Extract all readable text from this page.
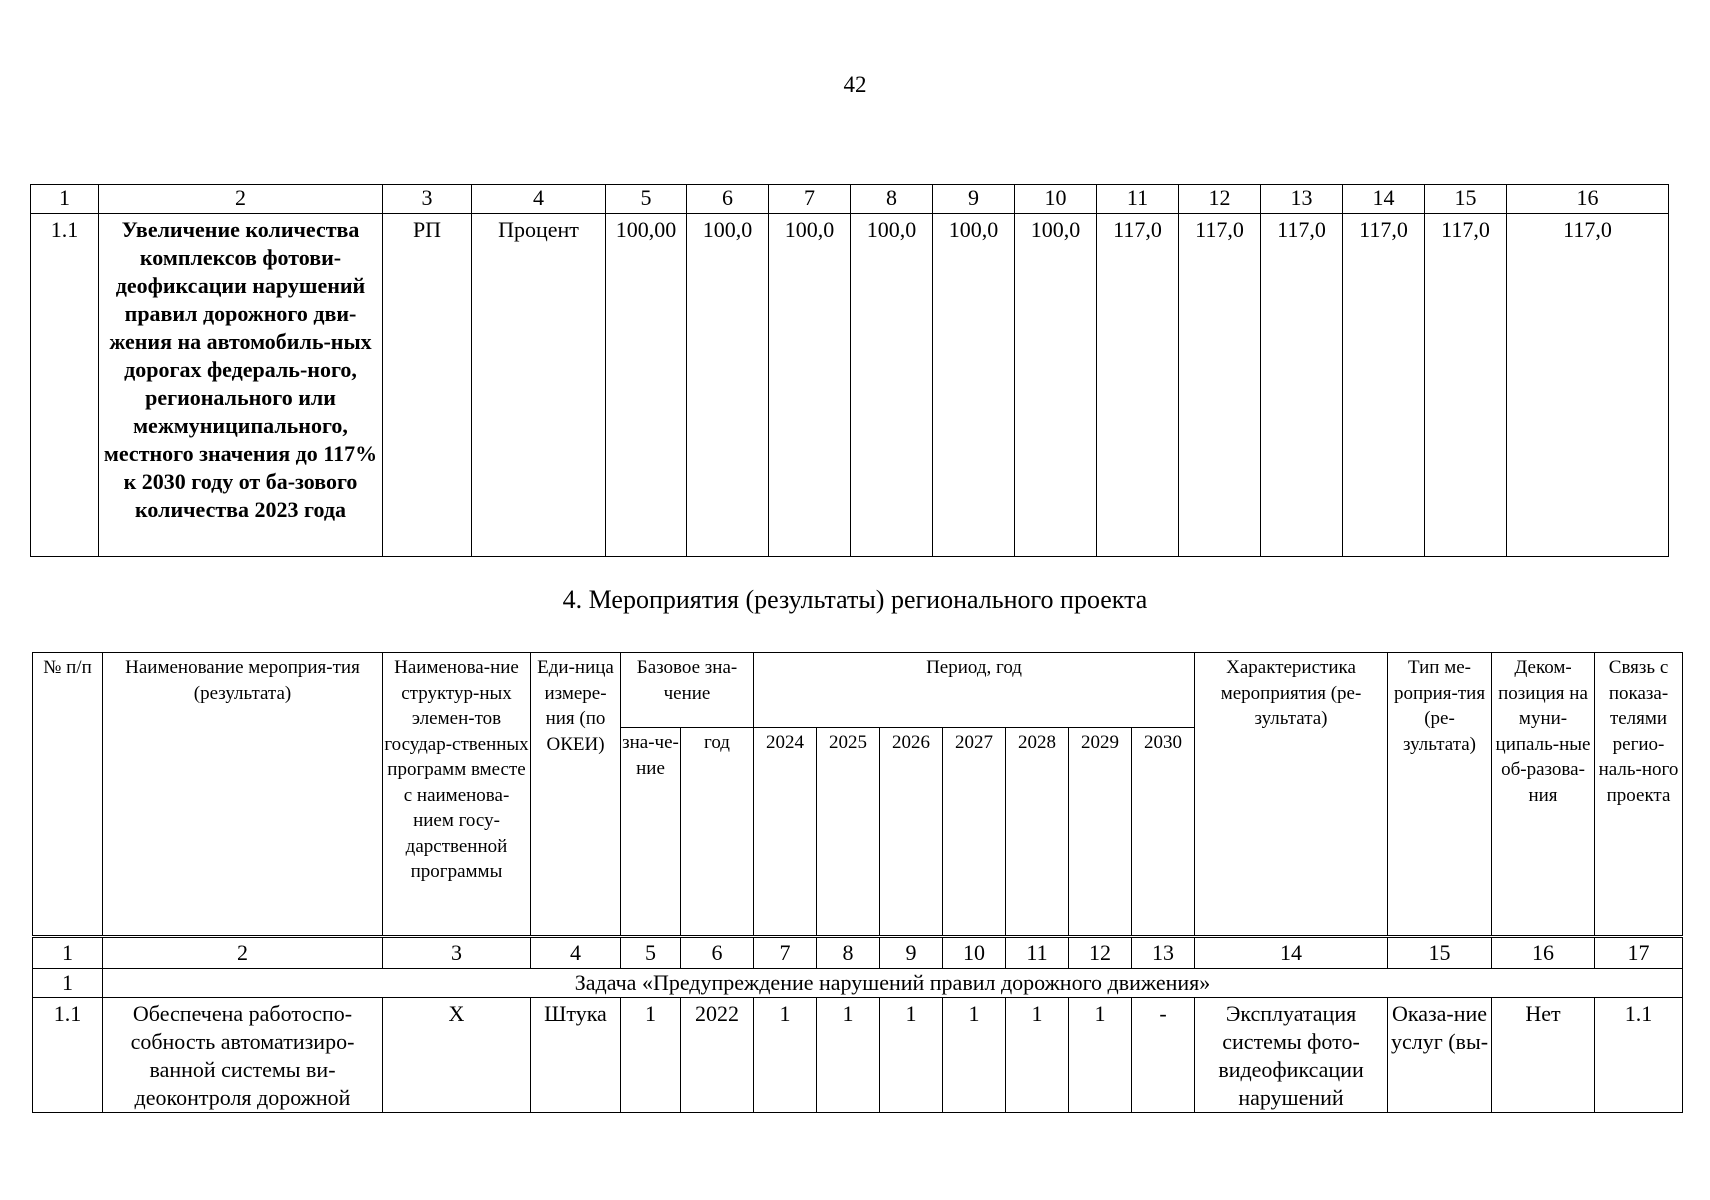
42
1	2	3	4	5	6	7	8	9	10	11	12	13	14	15	16
1.1	Увеличение количества комплексов фотови-деофиксации нарушений правил дорожного дви-жения на автомобиль-ных дорогах федераль-ного, регионального или межмуниципального, местного значения до 117% к 2030 году от ба-зового количества 2023 года	РП	Процент	100,00	100,0	100,0	100,0	100,0	100,0	117,0	117,0	117,0	117,0	117,0	117,0
4. Мероприятия (результаты) регионального проекта
№ п/п	Наименование мероприя-тия (результата)	Наименова-ние структур-ных элемен-тов государ-ственных программ вместе с наименова-нием госу-дарственной программы	Еди-ница измере-ния (по ОКЕИ)	Базовое зна-чение		Период, год							Характеристика мероприятия (ре-зультата)	Тип ме-роприя-тия (ре-зультата)	Деком-позиция на муни-ципаль-ные об-разова-ния	Связь с показа-телями регио-наль-ного проекта
				зна-че-ние	год	2024	2025	2026	2027	2028	2029	2030				
1	2	3	4	5	6	7	8	9	10	11	12	13	14	15	16	17
1	Задача «Предупреждение нарушений правил дорожного движения»															
1.1	Обеспечена работоспо-собность автоматизиро-ванной системы ви-деоконтроля дорожной	Х	Штука	1	2022	1	1	1	1	1	1	-	Эксплуатация системы фото-видеофиксации нарушений	Оказа-ние услуг (вы-	Нет	1.1
